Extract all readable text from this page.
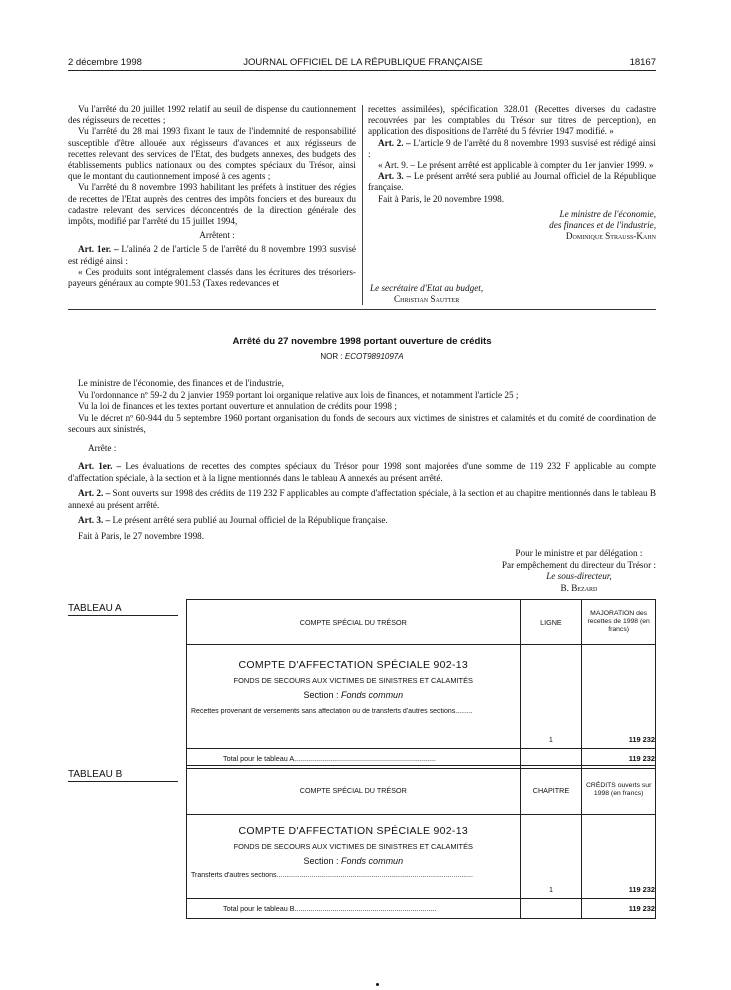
2 décembre 1998	JOURNAL OFFICIEL DE LA RÉPUBLIQUE FRANÇAISE	18167

Vu l'arrêté du 20 juillet 1992 relatif au seuil de dispense du cautionnement des régisseurs de recettes ;

Vu l'arrêté du 28 mai 1993 fixant le taux de l'indemnité de responsabilité susceptible d'être allouée aux régisseurs d'avances et aux régisseurs de recettes relevant des services de l'Etat, des budgets annexes, des budgets des établissements publics nationaux ou des comptes spéciaux du Trésor, ainsi que le montant du cautionnement imposé à ces agents ;

Vu l'arrêté du 8 novembre 1993 habilitant les préfets à instituer des régies de recettes de l'Etat auprès des centres des impôts fonciers et des bureaux du cadastre relevant des services déconcentrés de la direction générale des impôts, modifié par l'arrêté du 15 juillet 1994,

Arrêtent :

Art. 1er. – L'alinéa 2 de l'article 5 de l'arrêté du 8 novembre 1993 susvisé est rédigé ainsi :

« Ces produits sont intégralement classés dans les écritures des trésoriers-payeurs généraux au compte 901.53 (Taxes redevances et

recettes assimilées), spécification 328.01 (Recettes diverses du cadastre recouvrées par les comptables du Trésor sur titres de perception), en application des dispositions de l'arrêté du 5 février 1947 modifié. »

Art. 2. – L'article 9 de l'arrêté du 8 novembre 1993 susvisé est rédigé ainsi :

« Art. 9. – Le présent arrêté est applicable à compter du 1er janvier 1999. »

Art. 3. – Le présent arrêté sera publié au Journal officiel de la République française.

Fait à Paris, le 20 novembre 1998.

Le ministre de l'économie,
des finances et de l'industrie,
Dominique Strauss-Kahn
Le secrétaire d'Etat au budget,
Christian Sautter
Arrêté du 27 novembre 1998 portant ouverture de crédits
NOR : ECOT9891097A

Le ministre de l'économie, des finances et de l'industrie,

Vu l'ordonnance nº 59-2 du 2 janvier 1959 portant loi organique relative aux lois de finances, et notamment l'article 25 ;

Vu la loi de finances et les textes portant ouverture et annulation de crédits pour 1998 ;

Vu le décret nº 60-944 du 5 septembre 1960 portant organisation du fonds de secours aux victimes de sinistres et calamités et du comité de coordination de secours aux sinistrés,

Arrête :

Art. 1er. – Les évaluations de recettes des comptes spéciaux du Trésor pour 1998 sont majorées d'une somme de 119 232 F applicable au compte d'affectation spéciale, à la section et à la ligne mentionnés dans le tableau A annexés au présent arrêté.

Art. 2. – Sont ouverts sur 1998 des crédits de 119 232 F applicables au compte d'affectation spéciale, à la section et au chapitre mentionnés dans le tableau B annexé au présent arrêté.

Art. 3. – Le présent arrêté sera publié au Journal officiel de la République française.

Fait à Paris, le 27 novembre 1998.

Pour le ministre et par délégation :
Par empêchement du directeur du Trésor :
Le sous-directeur,
B. Bezard
TABLEAU A
COMPTE SPÉCIAL DU TRÉSOR	LIGNE	MAJORATION des recettes de 1998 (en francs)

COMPTE D'AFFECTATION SPÉCIALE 902-13
FONDS DE SECOURS AUX VICTIMES DE SINISTRES ET CALAMITÉS
Section : Fonds commun
Recettes provenant de versements sans affectation ou de transferts d'autres sections.........	1	119 232
Total pour le tableau A.......................................................................		119 232
TABLEAU B
COMPTE SPÉCIAL DU TRÉSOR	CHAPITRE	CRÉDITS ouverts sur 1998 (en francs)

COMPTE D'AFFECTATION SPÉCIALE 902-13
FONDS DE SECOURS AUX VICTIMES DE SINISTRES ET CALAMITÉS
Section : Fonds commun
Transferts d'autres sections.....................................................................................................	1	119 232
Total pour le tableau B.......................................................................		119 232
